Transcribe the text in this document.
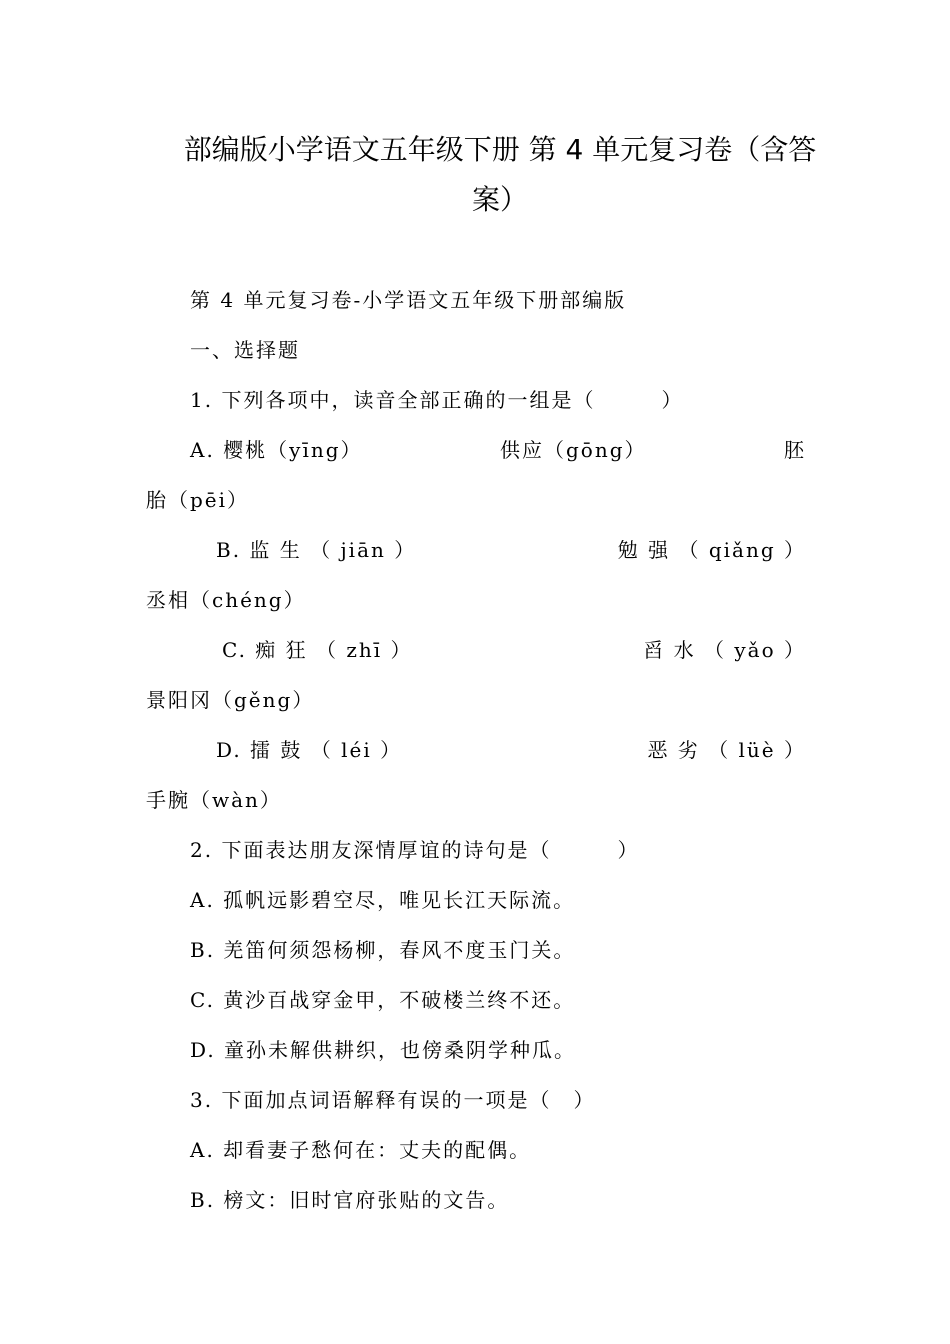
部编版小学语文五年级下册 第 4 单元复习卷（含答
案）
第 4 单元复习卷-小学语文五年级下册部编版
一、选择题
1. 下列各项中，读音全部正确的一组是（　　　）
A. 樱桃（yīng）	供应（gōng）	胚
胎（pēi）
B. 监 生 （ jiān ）	勉 强 （ qiǎng ）
丞相（chéng）
C. 痴 狂 （ zhī ）	舀 水 （ yǎo ）
景阳冈（gěng）
D. 擂 鼓 （ léi ）	恶 劣 （ lüè ）
手腕（wàn）
2. 下面表达朋友深情厚谊的诗句是（　　　）
A. 孤帆远影碧空尽，唯见长江天际流。
B. 羌笛何须怨杨柳，春风不度玉门关。
C. 黄沙百战穿金甲，不破楼兰终不还。
D. 童孙未解供耕织，也傍桑阴学种瓜。
3. 下面加点词语解释有误的一项是（　）
A. 却看妻子愁何在：丈夫的配偶。
B. 榜文：旧时官府张贴的文告。
